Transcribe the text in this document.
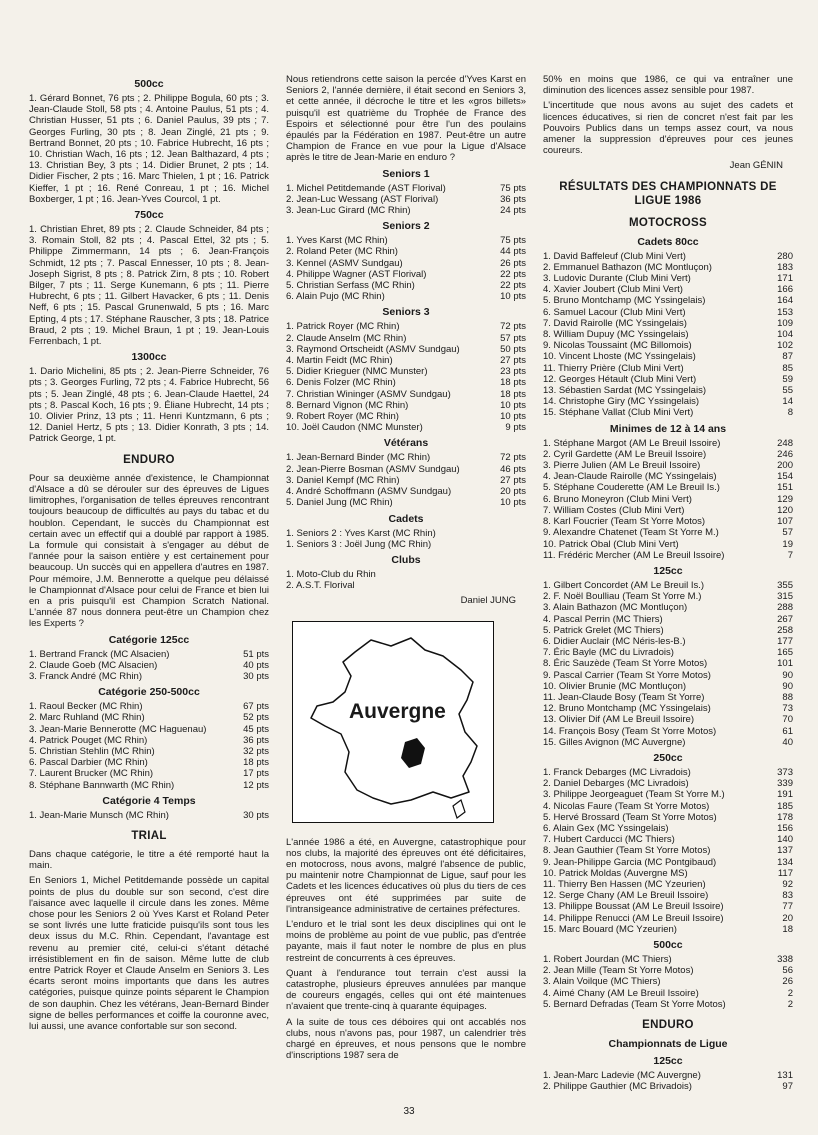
500cc
1. Gérard Bonnet, 76 pts ; 2. Philippe Bogula, 60 pts ; 3. Jean-Claude Stoll, 58 pts ; 4. Antoine Paulus, 51 pts ; 4. Christian Husser, 51 pts ; 6. Daniel Paulus, 39 pts ; 7. Georges Furling, 30 pts ; 8. Jean Zinglé, 21 pts ; 9. Bertrand Bonnet, 20 pts ; 10. Fabrice Hubrecht, 16 pts ; 10. Christian Wach, 16 pts ; 12. Jean Balthazard, 4 pts ; 13. Christian Bey, 3 pts ; 14. Didier Brunet, 2 pts ; 14. Didier Fischer, 2 pts ; 16. Marc Thielen, 1 pt ; 16. Patrick Kieffer, 1 pt ; 16. René Conreau, 1 pt ; 16. Michel Boxberger, 1 pt ; 16. Jean-Yves Courcol, 1 pt.
750cc
1. Christian Ehret, 89 pts ; 2. Claude Schneider, 84 pts ; 3. Romain Stoll, 82 pts ; 4. Pascal Ettel, 32 pts ; 5. Philippe Zimmermann, 14 pts ; 6. Jean-François Schmidt, 12 pts ; 7. Pascal Ennesser, 10 pts ; 8. Jean-Joseph Sigrist, 8 pts ; 8. Patrick Zirn, 8 pts ; 10. Robert Bilger, 7 pts ; 11. Serge Kunemann, 6 pts ; 11. Pierre Hubrecht, 6 pts ; 11. Gilbert Havacker, 6 pts ; 11. Denis Neff, 6 pts ; 15. Pascal Grunenwald, 5 pts ; 16. Marc Epting, 4 pts ; 17. Stéphane Rauscher, 3 pts ; 18. Patrice Braud, 2 pts ; 19. Michel Braun, 1 pt ; 19. Jean-Louis Ferrenbach, 1 pt.
1300cc
1. Dario Michelini, 85 pts ; 2. Jean-Pierre Schneider, 76 pts ; 3. Georges Furling, 72 pts ; 4. Fabrice Hubrecht, 56 pts ; 5. Jean Zinglé, 48 pts ; 6. Jean-Claude Haettel, 24 pts ; 8. Pascal Koch, 16 pts ; 9. Éliane Hubrecht, 14 pts ; 10. Olivier Prinz, 13 pts ; 11. Henri Kuntzmann, 6 pts ; 12. Daniel Hertz, 5 pts ; 13. Didier Konrath, 3 pts ; 14. Patrick George, 1 pt.
ENDURO
Pour sa deuxième année d'existence, le Championnat d'Alsace a dû se dérouler sur des épreuves de Ligues limitrophes, l'organisation de telles épreuves rencontrant toujours beaucoup de difficultés au pays du tabac et du houblon. Cependant, le succès du Championnat est certain avec un effectif qui a doublé par rapport à 1985. La formule qui consistait à s'engager au début de l'année pour la saison entière y est certainement pour beaucoup. Un succès qui en appellera d'autres en 1987. Pour mémoire, J.M. Bennerotte a quelque peu délaissé le Championnat d'Alsace pour celui de France et bien lui en a pris puisqu'il est Champion Scratch National. L'année 87 nous donnera peut-être un Champion chez les Experts ?
Catégorie 125cc
1. Bertrand Franck (MC Alsacien)	51 pts
2. Claude Goeb (MC Alsacien)	40 pts
3. Franck André (MC Rhin)	30 pts
Catégorie 250-500cc
1. Raoul Becker (MC Rhin)	67 pts
2. Marc Ruhland (MC Rhin)	52 pts
3. Jean-Marie Bennerotte (MC Haguenau)	45 pts
4. Patrick Pouget (MC Rhin)	36 pts
5. Christian Stehlin (MC Rhin)	32 pts
6. Pascal Darbier (MC Rhin)	18 pts
7. Laurent Brucker (MC Rhin)	17 pts
8. Stéphane Bannwarth (MC Rhin)	12 pts
Catégorie 4 Temps
1. Jean-Marie Munsch (MC Rhin)	30 pts
TRIAL
Dans chaque catégorie, le titre a été remporté haut la main.
En Seniors 1, Michel Petitdemande possède un capital points de plus du double sur son second, c'est dire l'aisance avec laquelle il circule dans les zones. Même chose pour les Seniors 2 où Yves Karst et Roland Peter se sont livrés une lutte fraticide puisqu'ils sont tous les deux issus du M.C. Rhin. Cependant, l'avantage est revenu au premier cité, celui-ci s'étant détaché irrésistiblement en fin de saison. Même lutte de club entre Patrick Royer et Claude Anselm en Seniors 3. Les écarts seront moins importants que dans les autres catégories, puisque quinze points séparent le Champion de son dauphin. Chez les vétérans, Jean-Bernard Binder signe de belles performances et coiffe la couronne avec, lui aussi, une avance confortable sur son second.
Nous retiendrons cette saison la percée d'Yves Karst en Seniors 2, l'année dernière, il était second en Seniors 3, et cette année, il décroche le titre et les «gros billets» puisqu'il est quatrième du Trophée de France des Espoirs et sélectionné pour être l'un des poulains épaulés par la Fédération en 1987. Peut-être un autre Champion de France en vue pour la Ligue d'Alsace après le titre de Jean-Marie en enduro ?
Seniors 1
1. Michel Petitdemande (AST Florival)	75 pts
2. Jean-Luc Wessang (AST Florival)	36 pts
3. Jean-Luc Girard (MC Rhin)	24 pts
Seniors 2
1. Yves Karst (MC Rhin)	75 pts
2. Roland Peter (MC Rhin)	44 pts
3. Kennel (ASMV Sundgau)	26 pts
4. Philippe Wagner (AST Florival)	22 pts
5. Christian Serfass (MC Rhin)	22 pts
6. Alain Pujo (MC Rhin)	10 pts
Seniors 3
1. Patrick Royer (MC Rhin)	72 pts
2. Claude Anselm (MC Rhin)	57 pts
3. Raymond Ortscheidt (ASMV Sundgau)	50 pts
4. Martin Feidt (MC Rhin)	27 pts
5. Didier Krieguer (NMC Munster)	23 pts
6. Denis Folzer (MC Rhin)	18 pts
7. Christian Wininger (ASMV Sundgau)	18 pts
8. Bernard Vignon (MC Rhin)	10 pts
9. Robert Royer (MC Rhin)	10 pts
10. Joël Caudon (NMC Munster)	9 pts
Vétérans
1. Jean-Bernard Binder (MC Rhin)	72 pts
2. Jean-Pierre Bosman (ASMV Sundgau)	46 pts
3. Daniel Kempf (MC Rhin)	27 pts
4. André Schoffmann (ASMV Sundgau)	20 pts
5. Daniel Jung (MC Rhin)	10 pts
Cadets
1. Seniors 2 : Yves Karst (MC Rhin)
1. Seniors 3 : Joël Jung (MC Rhin)
Clubs
1. Moto-Club du Rhin
2. A.S.T. Florival
Daniel JUNG
Auvergne
L'année 1986 a été, en Auvergne, catastrophique pour nos clubs, la majorité des épreuves ont été déficitaires, en motocross, nous avons, malgré l'absence de public, pu maintenir notre Championnat de Ligue, sauf pour les Cadets et les licences éducatives où plus du tiers de ces épreuves ont été supprimées par suite de l'intransigeance administrative de certaines préfectures.
L'enduro et le trial sont les deux disciplines qui ont le moins de problème au point de vue public, pas d'entrée payante, mais il faut noter le nombre de plus en plus restreint de concurrents à ces épreuves.
Quant à l'endurance tout terrain c'est aussi la catastrophe, plusieurs épreuves annulées par manque de coureurs engagés, celles qui ont été maintenues n'avaient que trente-cinq à quarante équipages.
A la suite de tous ces déboires qui ont accablés nos clubs, nous n'avons pas, pour 1987, un calendrier très chargé en épreuves, et nous pensons que le nombre d'inscriptions 1987 sera de
50% en moins que 1986, ce qui va entraîner une diminution des licences assez sensible pour 1987.
L'incertitude que nous avons au sujet des cadets et licences éducatives, si rien de concret n'est fait par les Pouvoirs Publics dans un temps assez court, va nous amener la suppression d'épreuves pour ces jeunes coureurs.
Jean GÉNIN
RÉSULTATS DES CHAMPIONNATS DE LIGUE 1986
MOTOCROSS
Cadets 80cc
1. David Baffeleuf (Club Mini Vert)	280
2. Emmanuel Bathazon (MC Montluçon)	183
3. Ludovic Durante (Club Mini Vert)	171
4. Xavier Joubert (Club Mini Vert)	166
5. Bruno Montchamp (MC Yssingelais)	164
6. Samuel Lacour (Club Mini Vert)	153
7. David Rairolle (MC Yssingelais)	109
8. William Dupuy (MC Yssingelais)	104
9. Nicolas Toussaint (MC Billomois)	102
10. Vincent Lhoste (MC Yssingelais)	87
11. Thierry Prière (Club Mini Vert)	85
12. Georges Hétault (Club Mini Vert)	59
13. Sébastien Sardat (MC Yssingelais)	55
14. Christophe Giry (MC Yssingelais)	14
15. Stéphane Vallat (Club Mini Vert)	8
Minimes de 12 à 14 ans
1. Stéphane Margot (AM Le Breuil Issoire)	248
2. Cyril Gardette (AM Le Breuil Issoire)	246
3. Pierre Julien (AM Le Breuil Issoire)	200
4. Jean-Claude Rairolle (MC Yssingelais)	154
5. Stéphane Couderette (AM Le Breuil Is.)	151
6. Bruno Moneyron (Club Mini Vert)	129
7. William Costes (Club Mini Vert)	120
8. Karl Foucrier (Team St Yorre Motos)	107
9. Alexandre Chatenet (Team St Yorre M.)	57
10. Patrick Obal (Club Mini Vert)	19
11. Frédéric Mercher (AM Le Breuil Issoire)	7
125cc
1. Gilbert Concordet (AM Le Breuil Is.)	355
2. F. Noël Boulliau (Team St Yorre M.)	315
3. Alain Bathazon (MC Montluçon)	288
4. Pascal Perrin (MC Thiers)	267
5. Patrick Grelet (MC Thiers)	258
6. Didier Auclair (MC Néris-les-B.)	177
7. Éric Bayle (MC du Livradois)	165
8. Éric Sauzède (Team St Yorre Motos)	101
9. Pascal Carrier (Team St Yorre Motos)	90
10. Olivier Brunie (MC Montluçon)	90
11. Jean-Claude Bosy (Team St Yorre)	88
12. Bruno Montchamp (MC Yssingelais)	73
13. Olivier Dif (AM Le Breuil Issoire)	70
14. François Bosy (Team St Yorre Motos)	61
15. Gilles Avignon (MC Auvergne)	40
250cc
1. Franck Debarges (MC Livradois)	373
2. Daniel Debarges (MC Livradois)	339
3. Philippe Jeorgeaguet (Team St Yorre M.)	191
4. Nicolas Faure (Team St Yorre Motos)	185
5. Hervé Brossard (Team St Yorre Motos)	178
6. Alain Gex (MC Yssingelais)	156
7. Hubert Carducci (MC Thiers)	140
8. Jean Gauthier (Team St Yorre Motos)	137
9. Jean-Philippe Garcia (MC Pontgibaud)	134
10. Patrick Moldas (Auvergne MS)	117
11. Thierry Ben Hassen (MC Yzeurien)	92
12. Serge Chany (AM Le Breuil Issoire)	83
13. Philippe Boussat (AM Le Breuil Issoire)	77
14. Philippe Renucci (AM Le Breuil Issoire)	20
15. Marc Bouard (MC Yzeurien)	18
500cc
1. Robert Jourdan (MC Thiers)	338
2. Jean Mille (Team St Yorre Motos)	56
3. Alain Voilque (MC Thiers)	26
4. Aimé Chany (AM Le Breuil Issoire)	2
5. Bernard Defradas (Team St Yorre Motos)	2
ENDURO
Championnats de Ligue
125cc
1. Jean-Marc Ladevie (MC Auvergne)	131
2. Philippe Gauthier (MC Brivadois)	97
33
